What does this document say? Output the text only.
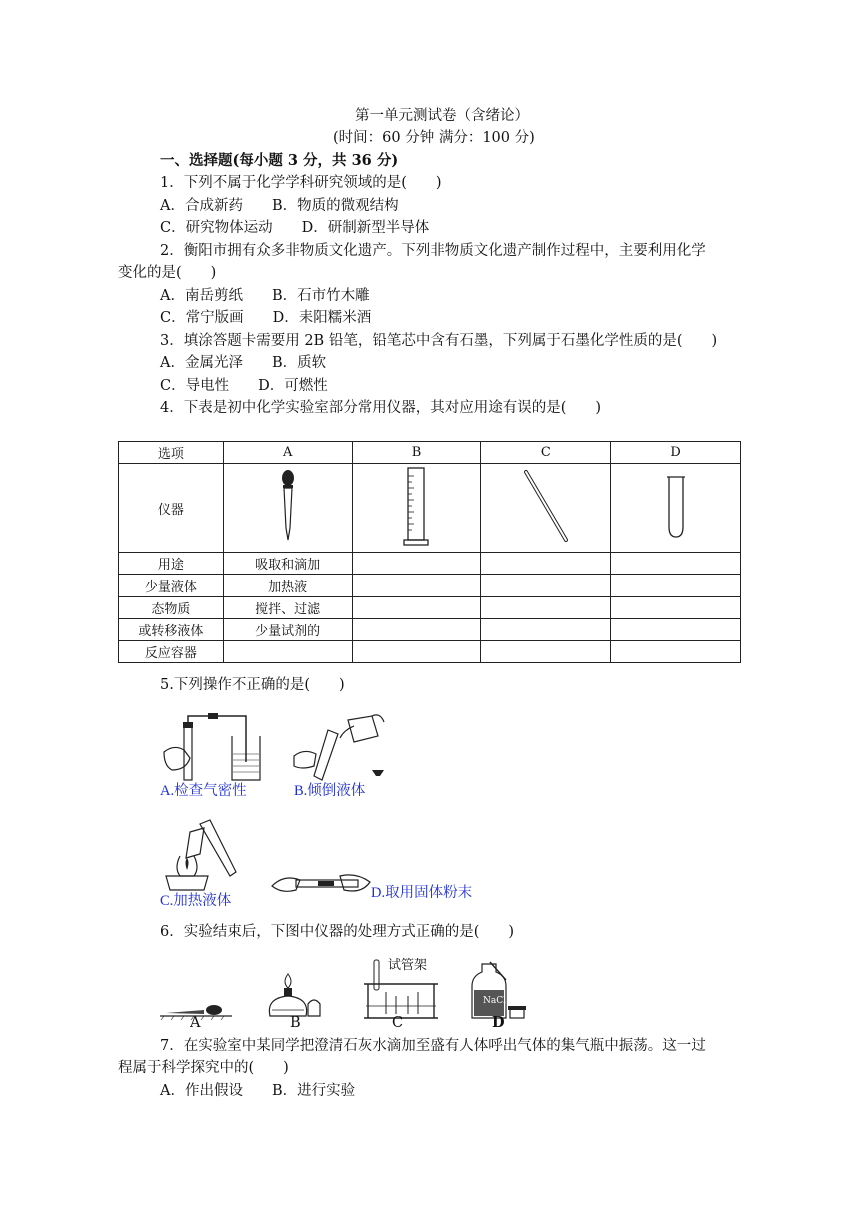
第一单元测试卷（含绪论）
(时间：60 分钟 满分：100 分)
一、选择题(每小题 3 分，共 36 分)
1．下列不属于化学学科研究领域的是(　　)
A．合成新药　　B．物质的微观结构
C．研究物体运动　　D．研制新型半导体
2．衡阳市拥有众多非物质文化遗产。下列非物质文化遗产制作过程中，主要利用化学
变化的是(　　)
A．南岳剪纸　　B．石市竹木雕
C．常宁版画　　D．耒阳糯米酒
3．填涂答题卡需要用 2B 铅笔，铅笔芯中含有石墨，下列属于石墨化学性质的是(　　)
A．金属光泽　　B．质软
C．导电性　　D．可燃性
4．下表是初中化学实验室部分常用仪器，其对应用途有误的是(　　)
选项	A	B	C	D
仪器				
用途	吸取和滴加			
少量液体	加热液			
态物质	搅拌、过滤			
或转移液体	少量试剂的			
反应容器				
5.下列操作不正确的是(　　)
A.检查气密性	B.倾倒液体
C.加热液体	D.取用固体粉末
6．实验结束后，下图中仪器的处理方式正确的是(　　)
A	B
试管架
C
NaCl
D
7．在实验室中某同学把澄清石灰水滴加至盛有人体呼出气体的集气瓶中振荡。这一过
程属于科学探究中的(　　)
A．作出假设　　B．进行实验
